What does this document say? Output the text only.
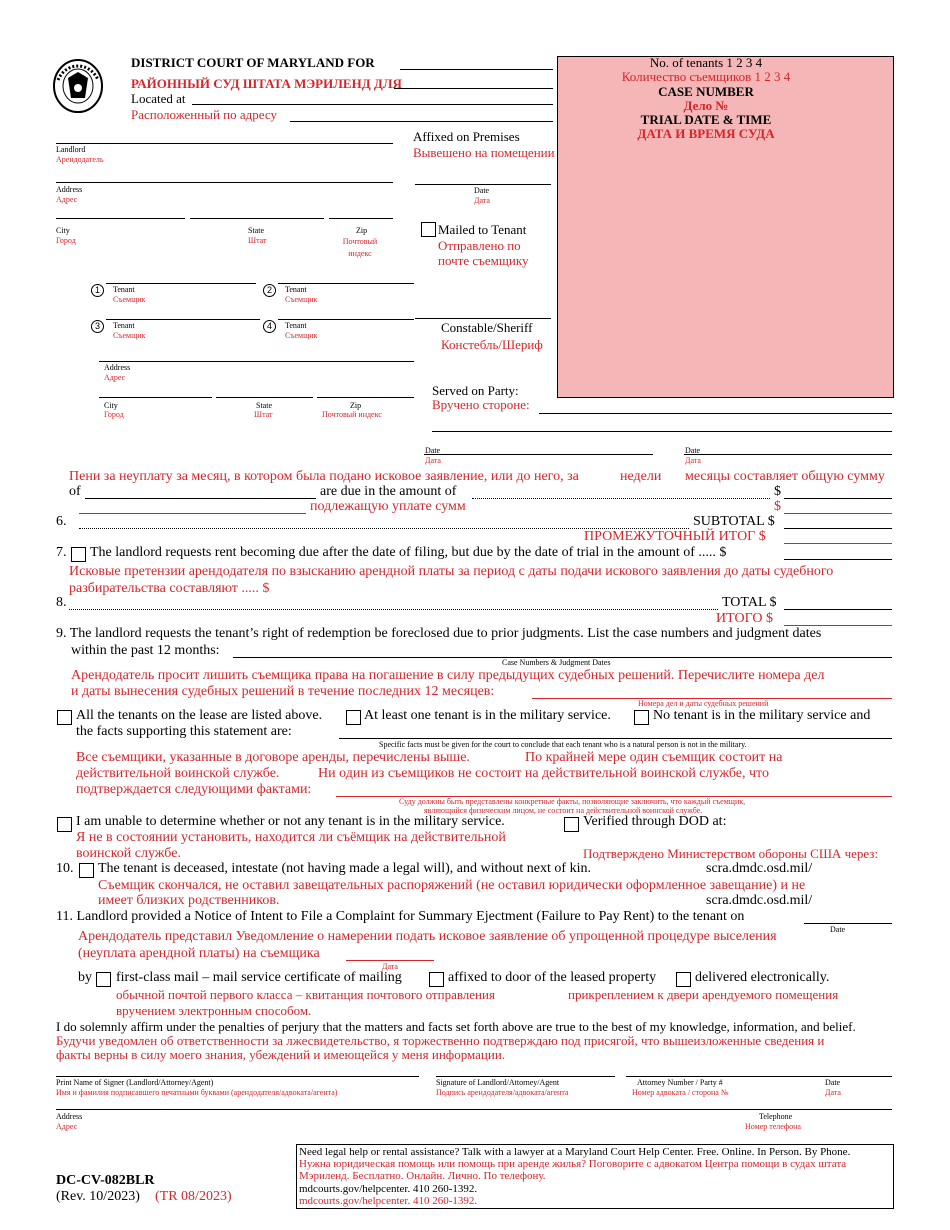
DISTRICT COURT OF MARYLAND FOR
РАЙОННЫЙ СУД ШТАТА МЭРИЛЕНД ДЛЯ
Located at
Расположенный по адресу
No. of tenants 1 2 3 4
Количество съемщиков 1 2 3 4
CASE NUMBER
Дело №
TRIAL DATE & TIME
ДАТА И ВРЕМЯ СУДА
Landlord
Арендодатель
Address
Адрес
City
Город
State
Штат
Zip
Почтовый индекс
Affixed on Premises
Вывешено на помещении
Date
Дата
Mailed to Tenant
Отправлено по почте съемщику
Constable/Sheriff
Констебль/Шериф
Served on Party:
Вручено стороне:
1	Tenant
Съемщик
2	Tenant
Съемщик
3	Tenant
Съемщик
4	Tenant
Съемщик
Address
Адрес
City
Город
State
Штат
Zip
Почтовый индекс
Date
Дата
Date
Дата
Пени за неуплату за месяц, в котором была подано исковое заявление, или до него, за	недели месяцы составляет общую сумму
of	are due in the amount of	$
подлежащую уплате сумм	$
6.	SUBTOTAL $
ПРОМЕЖУТОЧНЫЙ ИТОГ $
7. The landlord requests rent becoming due after the date of filing, but due by the date of trial in the amount of ..... $
Исковые претензии арендодателя по взысканию арендной платы за период с даты подачи искового заявления до даты судебного разбирательства составляют ..... $
8.	TOTAL $
ИТОГО $
9. The landlord requests the tenant’s right of redemption be foreclosed due to prior judgments. List the case numbers and judgment dates
within the past 12 months:
Case Numbers & Judgment Dates
Арендодатель просит лишить съемщика права на погашение в силу предыдущих судебных решений. Перечислите номера дел
и даты вынесения судебных решений в течение последних 12 месяцев:
Номера дел и даты судебных решений
All the tenants on the lease are listed above.	At least one tenant is in the military service.	No tenant is in the military service and
the facts supporting this statement are:
Specific facts must be given for the court to conclude that each tenant who is a natural person is not in the military.
Все съемщики, указанные в договоре аренды, перечислены выше.	По крайней мере один съемщик состоит на
действительной воинской службе.	Ни один из съемщиков не состоит на действительной воинской службе, что
подтверждается следующими фактами:
Суду должны быть представлены конкретные факты, позволяющие заключить, что каждый съемщик,
являющийся физическим лицом, не состоит на действительной воинской службе.
I am unable to determine whether or not any tenant is in the military service.	Verified through DOD at:
Я не в состоянии установить, находится ли съёмщик на действительной
воинской службе.	Подтверждено Министерством обороны США через:
10. The tenant is deceased, intestate (not having made a legal will), and without next of kin.	scra.dmdc.osd.mil/
Съемщик скончался, не оставил завещательных распоряжений (не оставил юридически оформленное завещание) и не
имеет близких родственников.	scra.dmdc.osd.mil/
11. Landlord provided a Notice of Intent to File a Complaint for Summary Ejectment (Failure to Pay Rent) to the tenant on
Date
Арендодатель представил Уведомление о намерении подать исковое заявление об упрощенной процедуре выселения
(неуплата арендной платы) на съемщика
Дата
by first-class mail – mail service certificate of mailing	affixed to door of the leased property	delivered electronically.
обычной почтой первого класса – квитанция почтового отправления	прикреплением к двери арендуемого помещения
вручением электронным способом.
I do solemnly affirm under the penalties of perjury that the matters and facts set forth above are true to the best of my knowledge, information, and belief.
Будучи уведомлен об ответственности за лжесвидетельство, я торжественно подтверждаю под присягой, что вышеизложенные сведения и
факты верны в силу моего знания, убеждений и имеющейся у меня информации.
Print Name of Signer (Landlord/Attorney/Agent)
Имя и фамилия подписавшего печатными буквами (арендодателя/адвоката/агента)
Signature of Landlord/Attorney/Agent
Подпись арендодателя/адвоката/агента
Attorney Number / Party #
Номер адвоката / сторона №
Date
Дата
Address
Адрес
Telephone
Номер телефона
DC-CV-082BLR
(Rev. 10/2023) (TR 08/2023)
Need legal help or rental assistance? Talk with a lawyer at a Maryland Court Help Center. Free. Online. In Person. By Phone.
Нужна юридическая помощь или помощь при аренде жилья? Поговорите с адвокатом Центра помощи в судах штата
Мэриленд. Бесплатно. Онлайн. Лично. По телефону.
mdcourts.gov/helpcenter. 410 260-1392.
mdcourts.gov/helpcenter. 410 260-1392.
